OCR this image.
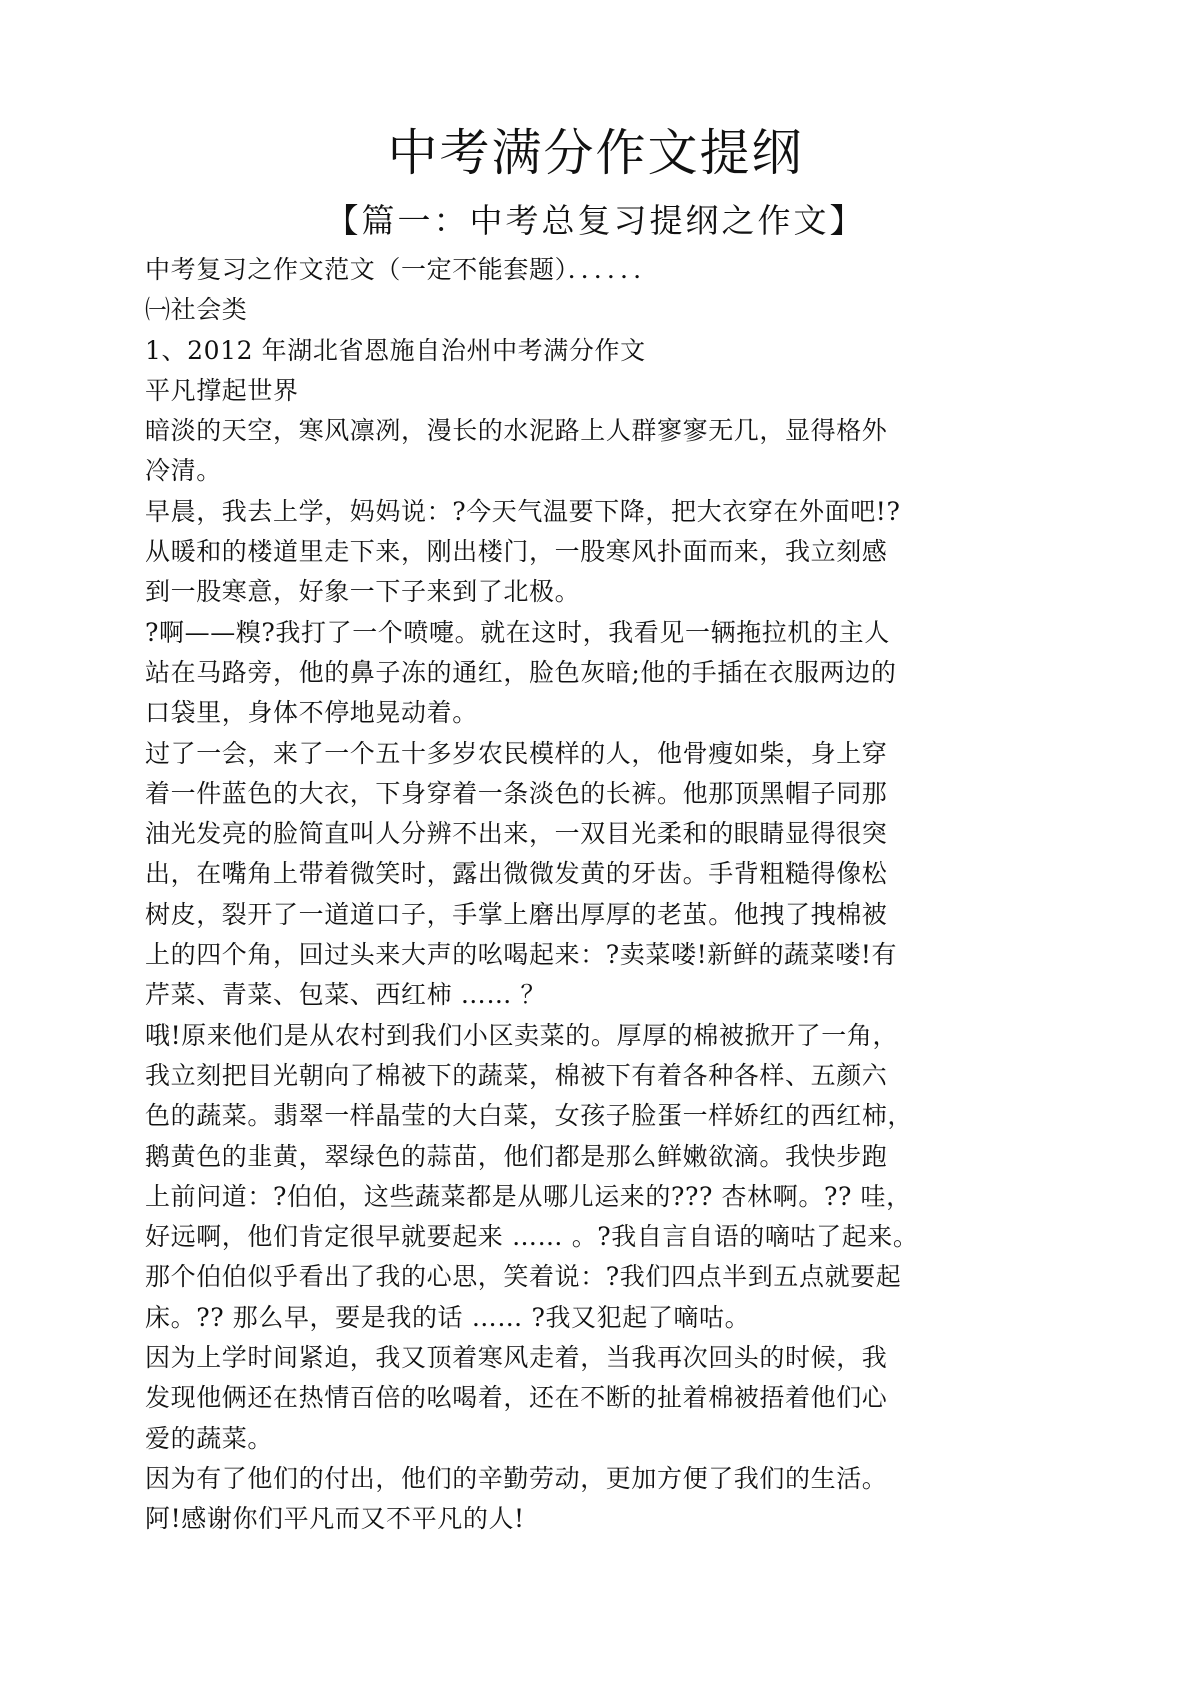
中考满分作文提纲
【篇一：中考总复习提纲之作文】
中考复习之作文范文（一定不能套题）．．．．．．
㈠社会类
1、2012 年湖北省恩施自治州中考满分作文
平凡撑起世界
暗淡的天空，寒风凛冽，漫长的水泥路上人群寥寥无几，显得格外
冷清。
早晨，我去上学，妈妈说：?今天气温要下降，把大衣穿在外面吧!?
从暖和的楼道里走下来，刚出楼门，一股寒风扑面而来，我立刻感
到一股寒意，好象一下子来到了北极。
?啊——糗?我打了一个喷嚏。就在这时，我看见一辆拖拉机的主人
站在马路旁，他的鼻子冻的通红，脸色灰暗;他的手插在衣服两边的
口袋里，身体不停地晃动着。
过了一会，来了一个五十多岁农民模样的人，他骨瘦如柴，身上穿
着一件蓝色的大衣，下身穿着一条淡色的长裤。他那顶黑帽子同那
油光发亮的脸简直叫人分辨不出来，一双目光柔和的眼睛显得很突
出，在嘴角上带着微笑时，露出微微发黄的牙齿。手背粗糙得像松
树皮，裂开了一道道口子，手掌上磨出厚厚的老茧。他拽了拽棉被
上的四个角，回过头来大声的吆喝起来：?卖菜喽!新鲜的蔬菜喽!有
芹菜、青菜、包菜、西红柿 …… ？
哦!原来他们是从农村到我们小区卖菜的。厚厚的棉被掀开了一角，
我立刻把目光朝向了棉被下的蔬菜，棉被下有着各种各样、五颜六
色的蔬菜。翡翠一样晶莹的大白菜，女孩子脸蛋一样娇红的西红柿，
鹅黄色的韭黄，翠绿色的蒜苗，他们都是那么鲜嫩欲滴。我快步跑
上前问道：?伯伯，这些蔬菜都是从哪儿运来的??? 杏林啊。?? 哇，
好远啊，他们肯定很早就要起来 …… 。?我自言自语的嘀咕了起来。
那个伯伯似乎看出了我的心思，笑着说：?我们四点半到五点就要起
床。?? 那么早，要是我的话 …… ?我又犯起了嘀咕。
因为上学时间紧迫，我又顶着寒风走着，当我再次回头的时候，我
发现他俩还在热情百倍的吆喝着，还在不断的扯着棉被捂着他们心
爱的蔬菜。
因为有了他们的付出，他们的辛勤劳动，更加方便了我们的生活。
阿!感谢你们平凡而又不平凡的人!
